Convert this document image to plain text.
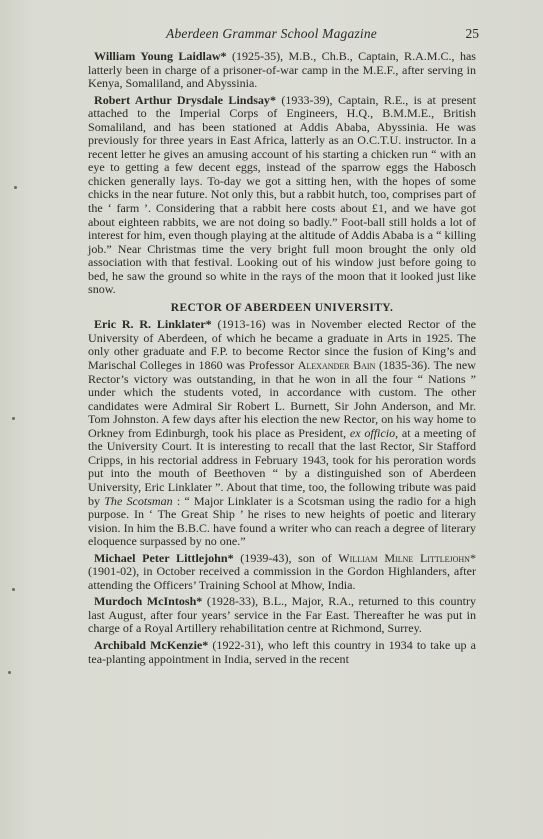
Aberdeen Grammar School Magazine	25

William Young Laidlaw* (1925-35), M.B., Ch.B., Captain, R.A.M.C., has latterly been in charge of a prisoner-of-war camp in the M.E.F., after serving in Kenya, Somaliland, and Abyssinia.

Robert Arthur Drysdale Lindsay* (1933-39), Captain, R.E., is at present attached to the Imperial Corps of Engineers, H.Q., B.M.M.E., British Somaliland, and has been stationed at Addis Ababa, Abyssinia. He was previously for three years in East Africa, latterly as an O.C.T.U. instructor. In a recent letter he gives an amusing account of his starting a chicken run “ with an eye to getting a few decent eggs, instead of the sparrow eggs the Habosch chicken generally lays. To-day we got a sitting hen, with the hopes of some chicks in the near future. Not only this, but a rabbit hutch, too, comprises part of the ‘ farm ’. Considering that a rabbit here costs about £1, and we have got about eighteen rabbits, we are not doing so badly.” Foot-ball still holds a lot of interest for him, even though playing at the altitude of Addis Ababa is a “ killing job.” Near Christmas time the very bright full moon brought the only old association with that festival. Looking out of his window just before going to bed, he saw the ground so white in the rays of the moon that it looked just like snow.

RECTOR OF ABERDEEN UNIVERSITY.

Eric R. R. Linklater* (1913-16) was in November elected Rector of the University of Aberdeen, of which he became a graduate in Arts in 1925. The only other graduate and F.P. to become Rector since the fusion of King’s and Marischal Colleges in 1860 was Professor Alexander Bain (1835-36). The new Rector’s victory was outstanding, in that he won in all the four “ Nations ” under which the students voted, in accordance with custom. The other candidates were Admiral Sir Robert L. Burnett, Sir John Anderson, and Mr. Tom Johnston. A few days after his election the new Rector, on his way home to Orkney from Edinburgh, took his place as President, ex officio, at a meeting of the University Court. It is interesting to recall that the last Rector, Sir Stafford Cripps, in his rectorial address in February 1943, took for his peroration words put into the mouth of Beethoven “ by a distinguished son of Aberdeen University, Eric Linklater ”. About that time, too, the following tribute was paid by The Scotsman : “ Major Linklater is a Scotsman using the radio for a high purpose. In ‘ The Great Ship ’ he rises to new heights of poetic and literary vision. In him the B.B.C. have found a writer who can reach a degree of literary eloquence surpassed by no one.”

Michael Peter Littlejohn* (1939-43), son of William Milne Littlejohn* (1901-02), in October received a commission in the Gordon Highlanders, after attending the Officers’ Training School at Mhow, India.

Murdoch McIntosh* (1928-33), B.L., Major, R.A., returned to this country last August, after four years’ service in the Far East. Thereafter he was put in charge of a Royal Artillery rehabilitation centre at Richmond, Surrey.

Archibald McKenzie* (1922-31), who left this country in 1934 to take up a tea-planting appointment in India, served in the recent
